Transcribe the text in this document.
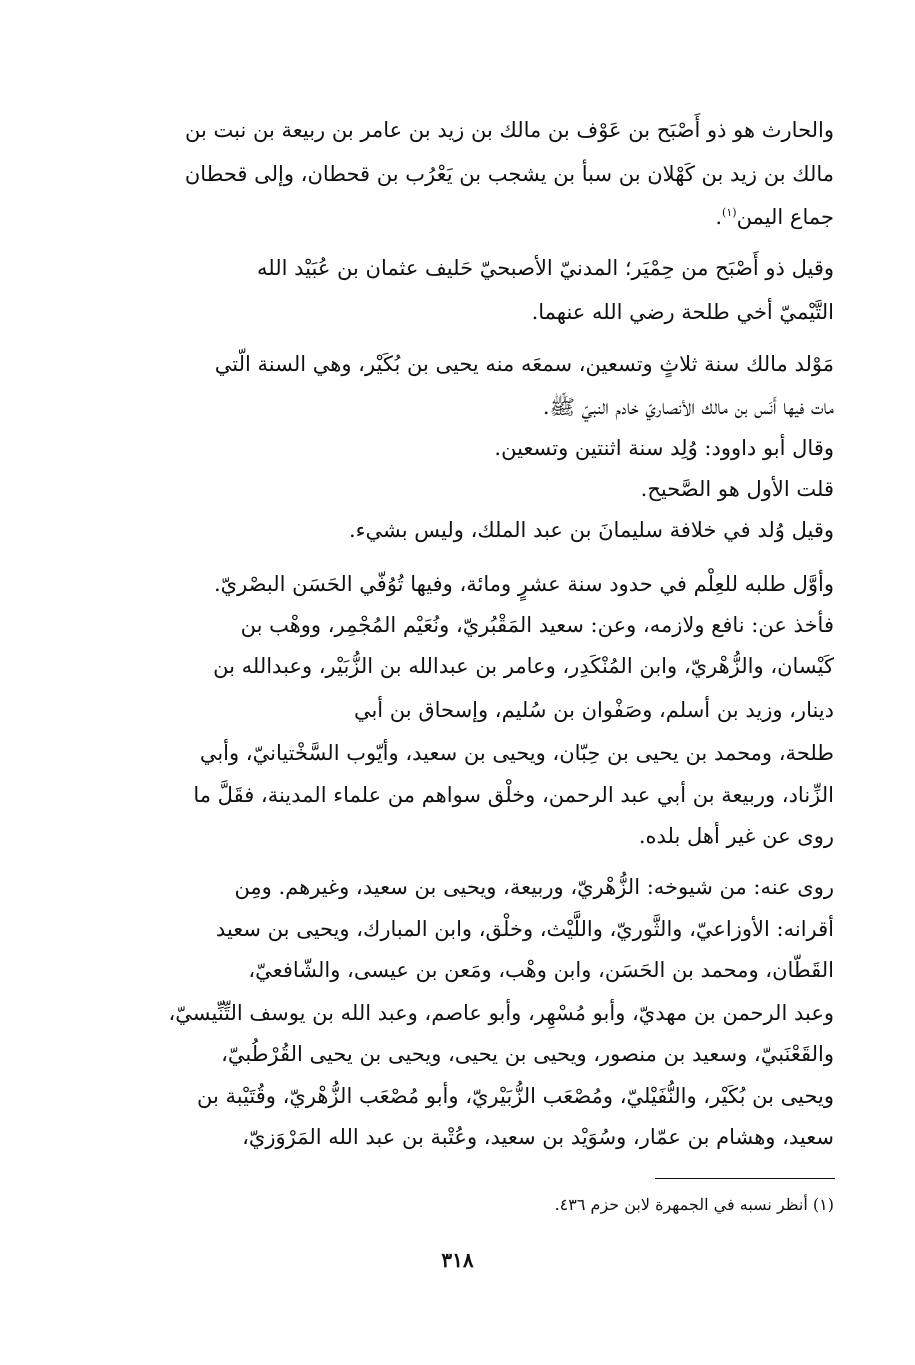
والحارث هو ذو أَصْبَح بن عَوْف بن مالك بن زيد بن عامر بن ربيعة بن نبت بن
مالك بن زيد بن كَهْلان بن سبأ بن يشجب بن يَعْرُب بن قحطان، وإلى قحطان
جماع اليمن$^{(١)}$.
وقيل ذو أَصْبَح من حِمْيَر؛ المدنيّ الأصبحيّ حَليف عثمان بن عُبَيْد الله
التَّيْميّ أخي طلحة رضي الله عنهما.
مَوْلد مالك سنة ثلاثٍ وتسعين، سمعَه منه يحيى بن بُكَيْر، وهي السنة الّتي
مات فيها أَنَس بن مالك الأنصاريّ خادم النبيّ ﷺ.
وقال أبو داوود: وُلِد سنة اثنتين وتسعين.
قلت الأول هو الصَّحيح.
وقيل وُلد في خلافة سليمانَ بن عبد الملك، وليس بشيء.
وأوَّل طلبه للعِلْم في حدود سنة عشرٍ ومائة، وفيها تُوُفّي الحَسَن البصْريّ.
فأخذ عن: نافع ولازمه، وعن: سعيد المَقْبُريّ، ونُعَيْم المُجْمِر، ووهْب بن
كَيْسان، والزُّهْريّ، وابن المُنْكَدِر، وعامر بن عبدالله بن الزُّبَيْر، وعبدالله بن
دينار، وزيد بن أسلم، وصَفْوان بن سُليم، وإسحاق بن أبي
طلحة، ومحمد بن يحيى بن حِبّان، ويحيى بن سعيد، وأيّوب السَّخْتيانيّ، وأبي
الزِّناد، وربيعة بن أبي عبد الرحمن، وخلْق سواهم من علماء المدينة، فقَلَّ ما
روى عن غير أهل بلده.
روى عنه: من شيوخه: الزُّهْريّ، وربيعة، ويحيى بن سعيد، وغيرهم. ومِن
أقرانه: الأوزاعيّ، والثَّوريّ، واللَّيْث، وخلْق، وابن المبارك، ويحيى بن سعيد
القَطّان، ومحمد بن الحَسَن، وابن وهْب، ومَعن بن عيسى، والشّافعيّ،
وعبد الرحمن بن مهديّ، وأبو مُسْهِر، وأبو عاصم، وعبد الله بن يوسف التِّنِّيسيّ،
والقَعْنَبيّ، وسعيد بن منصور، ويحيى بن يحيى، ويحيى بن يحيى القُرْطُبيّ،
ويحيى بن بُكَيْر، والنُّفَيْليّ، ومُصْعَب الزُّبَيْريّ، وأبو مُصْعَب الزُّهْريّ، وقُتَيْبة بن
سعيد، وهشام بن عمّار، وسُوَيْد بن سعيد، وعُتْبة بن عبد الله المَرْوَزيّ،
(١) أنظر نسبه في الجمهرة لابن حزم ٤٣٦.
٣١٨
